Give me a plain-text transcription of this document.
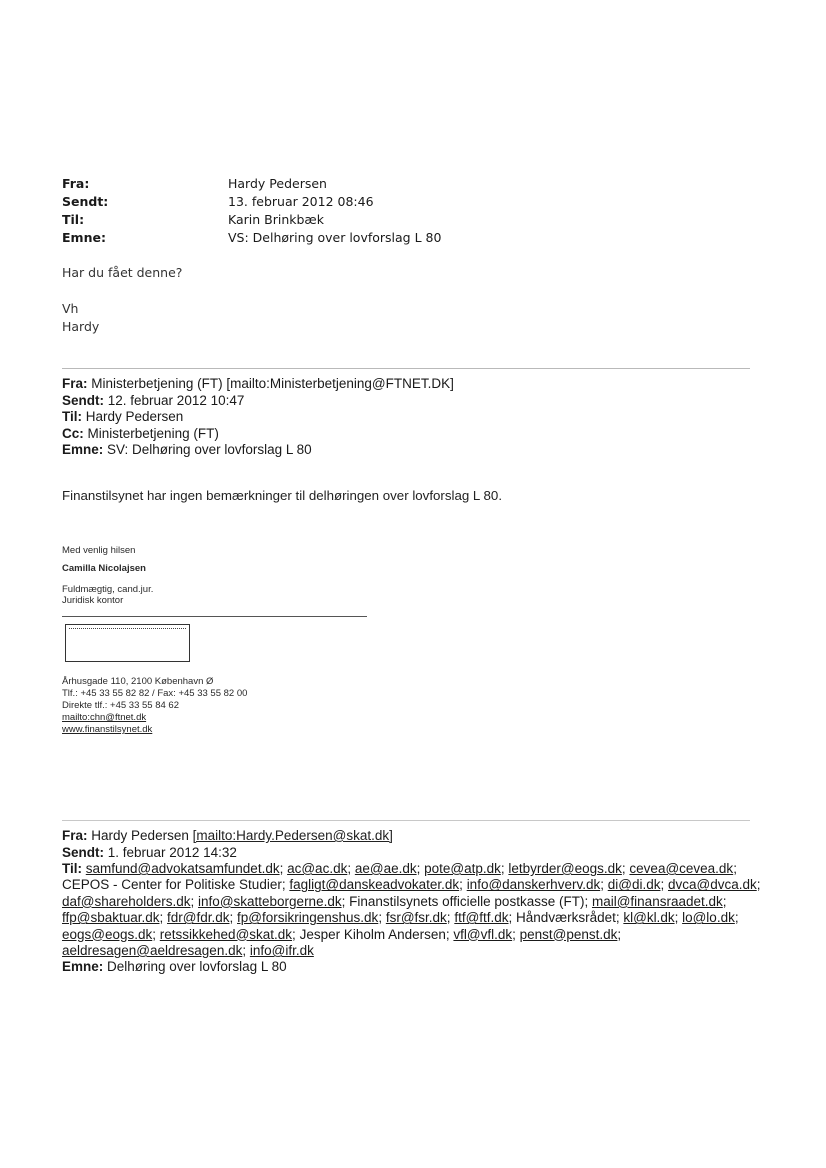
Fra:	Hardy Pedersen
Sendt:	13. februar 2012 08:46
Til:	Karin Brinkbæk
Emne:	VS: Delhøring over lovforslag L 80
Har du fået denne?
Vh
Hardy
Fra: Ministerbetjening (FT) [mailto:Ministerbetjening@FTNET.DK]
Sendt: 12. februar 2012 10:47
Til: Hardy Pedersen
Cc: Ministerbetjening (FT)
Emne: SV: Delhøring over lovforslag L 80
Finanstilsynet har ingen bemærkninger til delhøringen over lovforslag L 80.
Med venlig hilsen
Camilla Nicolajsen
Fuldmægtig, cand.jur.
Juridisk kontor
Århusgade 110, 2100 København Ø
Tlf.: +45 33 55 82 82 / Fax: +45 33 55 82 00
Direkte tlf.: +45 33 55 84 62
mailto:chn@ftnet.dk
www.finanstilsynet.dk
Fra: Hardy Pedersen [mailto:Hardy.Pedersen@skat.dk]
Sendt: 1. februar 2012 14:32
Til: samfund@advokatsamfundet.dk; ac@ac.dk; ae@ae.dk; pote@atp.dk; letbyrder@eogs.dk; cevea@cevea.dk; CEPOS - Center for Politiske Studier; fagligt@danskeadvokater.dk; info@danskerhverv.dk; di@di.dk; dvca@dvca.dk; daf@shareholders.dk; info@skatteborgerne.dk; Finanstilsynets officielle postkasse (FT); mail@finansraadet.dk; ffp@sbaktuar.dk; fdr@fdr.dk; fp@forsikringenshus.dk; fsr@fsr.dk; ftf@ftf.dk; Håndværksrådet; kl@kl.dk; lo@lo.dk; eogs@eogs.dk; retssikkehed@skat.dk; Jesper Kiholm Andersen; vfl@vfl.dk; penst@penst.dk; aeldresagen@aeldresagen.dk; info@ifr.dk
Emne: Delhøring over lovforslag L 80
